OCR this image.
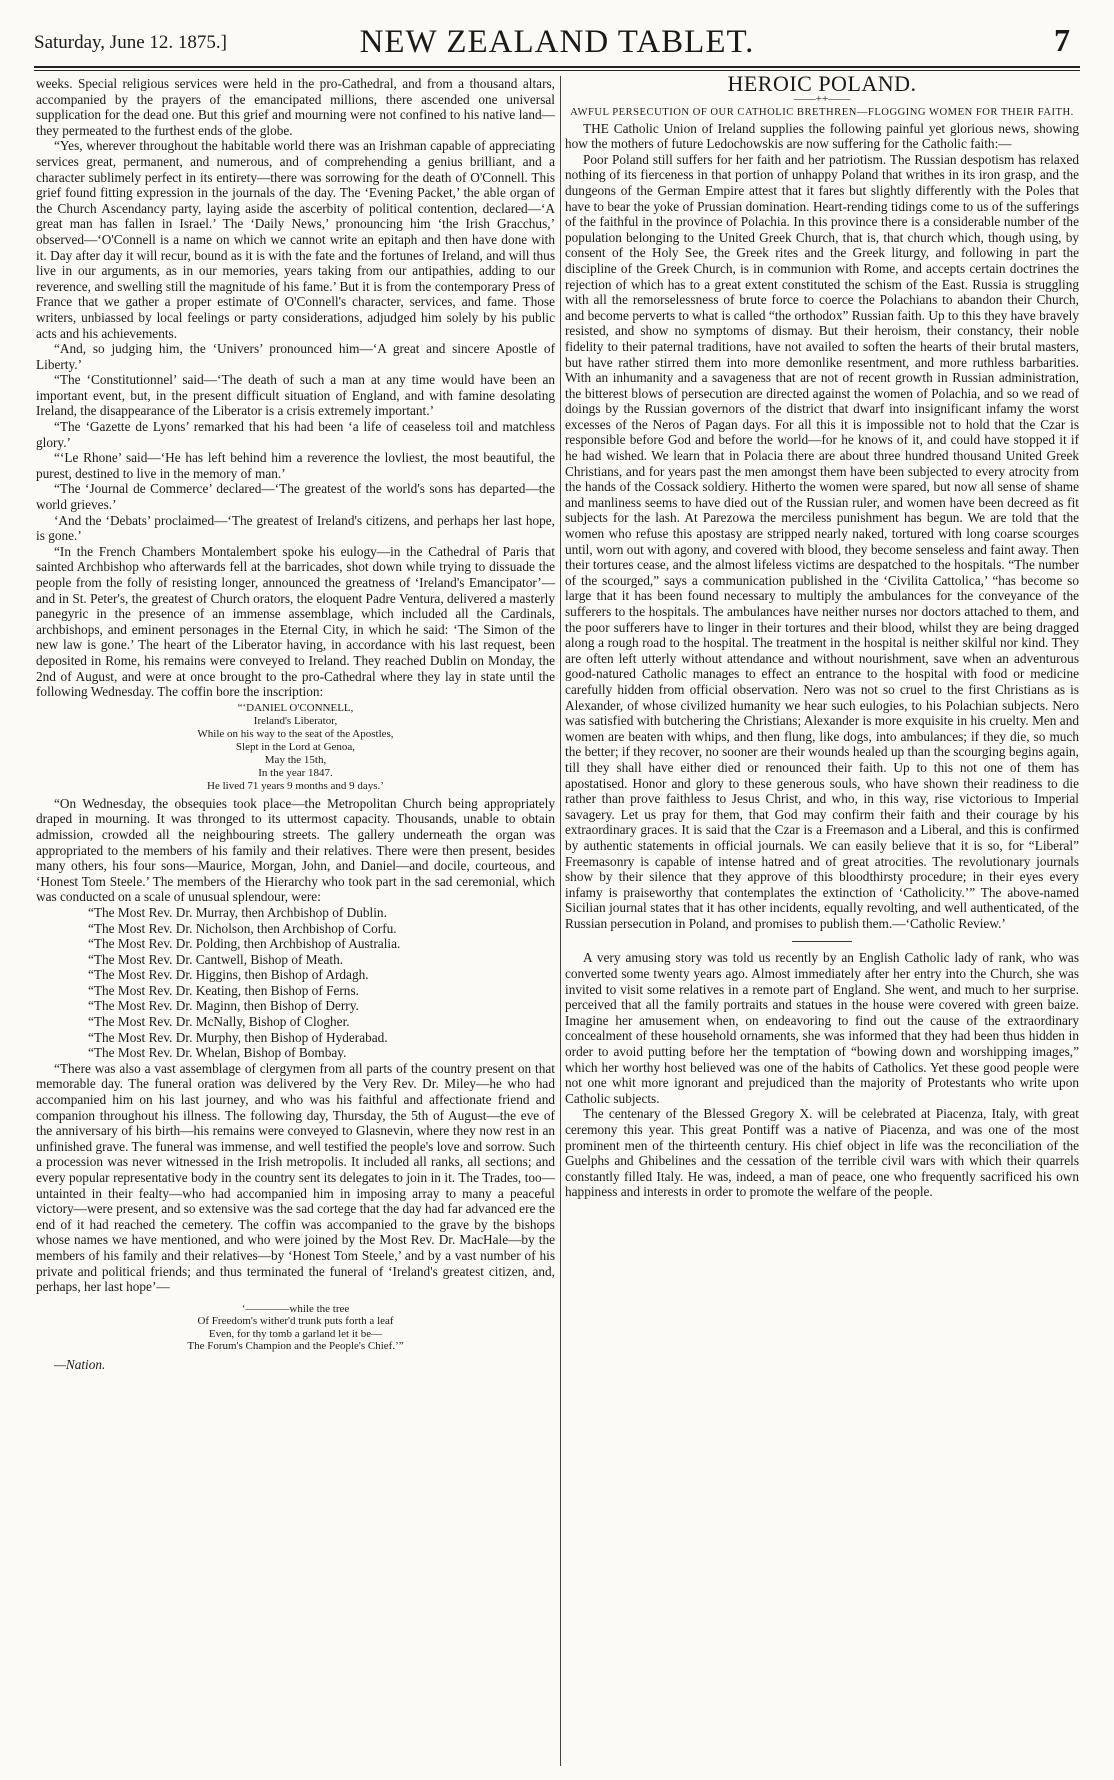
Saturday, June 12. 1875.]	NEW ZEALAND TABLET.	7

weeks. Special religious services were held in the pro-Cathedral, and from a thousand altars, accompanied by the prayers of the emancipated millions, there ascended one universal supplication for the dead one. But this grief and mourning were not confined to his native land—they permeated to the furthest ends of the globe.

“Yes, wherever throughout the habitable world there was an Irishman capable of appreciating services great, permanent, and numerous, and of comprehending a genius brilliant, and a character sublimely perfect in its entirety—there was sorrowing for the death of O'Connell. This grief found fitting expression in the journals of the day. The ‘Evening Packet,’ the able organ of the Church Ascendancy party, laying aside the ascerbity of political contention, declared—‘A great man has fallen in Israel.’ The ‘Daily News,’ pronouncing him ‘the Irish Gracchus,’ observed—‘O'Connell is a name on which we cannot write an epitaph and then have done with it. Day after day it will recur, bound as it is with the fate and the fortunes of Ireland, and will thus live in our arguments, as in our memories, years taking from our antipathies, adding to our reverence, and swelling still the magnitude of his fame.’ But it is from the contemporary Press of France that we gather a proper estimate of O'Connell's character, services, and fame. Those writers, unbiassed by local feelings or party considerations, adjudged him solely by his public acts and his achievements.

“And, so judging him, the ‘Univers’ pronounced him—‘A great and sincere Apostle of Liberty.’

“The ‘Constitutionnel’ said—‘The death of such a man at any time would have been an important event, but, in the present difficult situation of England, and with famine desolating Ireland, the disappearance of the Liberator is a crisis extremely important.’

“The ‘Gazette de Lyons’ remarked that his had been ‘a life of ceaseless toil and matchless glory.’

“‘Le Rhone’ said—‘He has left behind him a reverence the lovliest, the most beautiful, the purest, destined to live in the memory of man.’

“The ‘Journal de Commerce’ declared—‘The greatest of the world's sons has departed—the world grieves.’

‘And the ‘Debats’ proclaimed—‘The greatest of Ireland's citizens, and perhaps her last hope, is gone.’

“In the French Chambers Montalembert spoke his eulogy—in the Cathedral of Paris that sainted Archbishop who afterwards fell at the barricades, shot down while trying to dissuade the people from the folly of resisting longer, announced the greatness of ‘Ireland's Emancipator’—and in St. Peter's, the greatest of Church orators, the eloquent Padre Ventura, delivered a masterly panegyric in the presence of an immense assemblage, which included all the Cardinals, archbishops, and eminent personages in the Eternal City, in which he said: ‘The Simon of the new law is gone.’ The heart of the Liberator having, in accordance with his last request, been deposited in Rome, his remains were conveyed to Ireland. They reached Dublin on Monday, the 2nd of August, and were at once brought to the pro-Cathedral where they lay in state until the following Wednesday. The coffin bore the inscription:

“‘DANIEL O'CONNELL,
Ireland's Liberator,
While on his way to the seat of the Apostles,
Slept in the Lord at Genoa,
May the 15th,
In the year 1847.
He lived 71 years 9 months and 9 days.’

“On Wednesday, the obsequies took place—the Metropolitan Church being appropriately draped in mourning. It was thronged to its uttermost capacity. Thousands, unable to obtain admission, crowded all the neighbouring streets. The gallery underneath the organ was appropriated to the members of his family and their relatives. There were then present, besides many others, his four sons—Maurice, Morgan, John, and Daniel—and docile, courteous, and ‘Honest Tom Steele.’ The members of the Hierarchy who took part in the sad ceremonial, which was conducted on a scale of unusual splendour, were:

“The Most Rev. Dr. Murray, then Archbishop of Dublin.

“The Most Rev. Dr. Nicholson, then Archbishop of Corfu.

“The Most Rev. Dr. Polding, then Archbishop of Australia.

“The Most Rev. Dr. Cantwell, Bishop of Meath.

“The Most Rev. Dr. Higgins, then Bishop of Ardagh.

“The Most Rev. Dr. Keating, then Bishop of Ferns.

“The Most Rev. Dr. Maginn, then Bishop of Derry.

“The Most Rev. Dr. McNally, Bishop of Clogher.

“The Most Rev. Dr. Murphy, then Bishop of Hyderabad.

“The Most Rev. Dr. Whelan, Bishop of Bombay.

“There was also a vast assemblage of clergymen from all parts of the country present on that memorable day. The funeral oration was delivered by the Very Rev. Dr. Miley—he who had accompanied him on his last journey, and who was his faithful and affectionate friend and companion throughout his illness. The following day, Thursday, the 5th of August—the eve of the anniversary of his birth—his remains were conveyed to Glasnevin, where they now rest in an unfinished grave. The funeral was immense, and well testified the people's love and sorrow. Such a procession was never witnessed in the Irish metropolis. It included all ranks, all sections; and every popular representative body in the country sent its delegates to join in it. The Trades, too—untainted in their fealty—who had accompanied him in imposing array to many a peaceful victory—were present, and so extensive was the sad cortege that the day had far advanced ere the end of it had reached the cemetery. The coffin was accompanied to the grave by the bishops whose names we have mentioned, and who were joined by the Most Rev. Dr. MacHale—by the members of his family and their relatives—by ‘Honest Tom Steele,’ and by a vast number of his private and political friends; and thus terminated the funeral of ‘Ireland's greatest citizen, and, perhaps, her last hope’—

‘————while the tree
Of Freedom's wither'd trunk puts forth a leaf
Even, for thy tomb a garland let it be—
The Forum's Champion and the People's Chief.’”

—Nation.

HEROIC POLAND.
——++——
AWFUL PERSECUTION OF OUR CATHOLIC BRETHREN—FLOGGING WOMEN FOR THEIR FAITH.

THE Catholic Union of Ireland supplies the following painful yet glorious news, showing how the mothers of future Ledochowskis are now suffering for the Catholic faith:—

Poor Poland still suffers for her faith and her patriotism. The Russian despotism has relaxed nothing of its fierceness in that portion of unhappy Poland that writhes in its iron grasp, and the dungeons of the German Empire attest that it fares but slightly differently with the Poles that have to bear the yoke of Prussian domination. Heart-rending tidings come to us of the sufferings of the faithful in the province of Polachia. In this province there is a considerable number of the population belonging to the United Greek Church, that is, that church which, though using, by consent of the Holy See, the Greek rites and the Greek liturgy, and following in part the discipline of the Greek Church, is in communion with Rome, and accepts certain doctrines the rejection of which has to a great extent constituted the schism of the East. Russia is struggling with all the remorselessness of brute force to coerce the Polachians to abandon their Church, and become perverts to what is called “the orthodox” Russian faith. Up to this they have bravely resisted, and show no symptoms of dismay. But their heroism, their constancy, their noble fidelity to their paternal traditions, have not availed to soften the hearts of their brutal masters, but have rather stirred them into more demonlike resentment, and more ruthless barbarities. With an inhumanity and a savageness that are not of recent growth in Russian administration, the bitterest blows of persecution are directed against the women of Polachia, and so we read of doings by the Russian governors of the district that dwarf into insignificant infamy the worst excesses of the Neros of Pagan days. For all this it is impossible not to hold that the Czar is responsible before God and before the world—for he knows of it, and could have stopped it if he had wished. We learn that in Polacia there are about three hundred thousand United Greek Christians, and for years past the men amongst them have been subjected to every atrocity from the hands of the Cossack soldiery. Hitherto the women were spared, but now all sense of shame and manliness seems to have died out of the Russian ruler, and women have been decreed as fit subjects for the lash. At Parezowa the merciless punishment has begun. We are told that the women who refuse this apostasy are stripped nearly naked, tortured with long coarse scourges until, worn out with agony, and covered with blood, they become senseless and faint away. Then their tortures cease, and the almost lifeless victims are despatched to the hospitals. “The number of the scourged,” says a communication published in the ‘Civilita Cattolica,’ “has become so large that it has been found necessary to multiply the ambulances for the conveyance of the sufferers to the hospitals. The ambulances have neither nurses nor doctors attached to them, and the poor sufferers have to linger in their tortures and their blood, whilst they are being dragged along a rough road to the hospital. The treatment in the hospital is neither skilful nor kind. They are often left utterly without attendance and without nourishment, save when an adventurous good-natured Catholic manages to effect an entrance to the hospital with food or medicine carefully hidden from official observation. Nero was not so cruel to the first Christians as is Alexander, of whose civilized humanity we hear such eulogies, to his Polachian subjects. Nero was satisfied with butchering the Christians; Alexander is more exquisite in his cruelty. Men and women are beaten with whips, and then flung, like dogs, into ambulances; if they die, so much the better; if they recover, no sooner are their wounds healed up than the scourging begins again, till they shall have either died or renounced their faith. Up to this not one of them has apostatised. Honor and glory to these generous souls, who have shown their readiness to die rather than prove faithless to Jesus Christ, and who, in this way, rise victorious to Imperial savagery. Let us pray for them, that God may confirm their faith and their courage by his extraordinary graces. It is said that the Czar is a Freemason and a Liberal, and this is confirmed by authentic statements in official journals. We can easily believe that it is so, for “Liberal” Freemasonry is capable of intense hatred and of great atrocities. The revolutionary journals show by their silence that they approve of this bloodthirsty procedure; in their eyes every infamy is praiseworthy that contemplates the extinction of ‘Catholicity.’” The above-named Sicilian journal states that it has other incidents, equally revolting, and well authenticated, of the Russian persecution in Poland, and promises to publish them.—‘Catholic Review.’

A very amusing story was told us recently by an English Catholic lady of rank, who was converted some twenty years ago. Almost immediately after her entry into the Church, she was invited to visit some relatives in a remote part of England. She went, and much to her surprise. perceived that all the family portraits and statues in the house were covered with green baize. Imagine her amusement when, on endeavoring to find out the cause of the extraordinary concealment of these household ornaments, she was informed that they had been thus hidden in order to avoid putting before her the temptation of “bowing down and worshipping images,” which her worthy host believed was one of the habits of Catholics. Yet these good people were not one whit more ignorant and prejudiced than the majority of Protestants who write upon Catholic subjects.

The centenary of the Blessed Gregory X. will be celebrated at Piacenza, Italy, with great ceremony this year. This great Pontiff was a native of Piacenza, and was one of the most prominent men of the thirteenth century. His chief object in life was the reconciliation of the Guelphs and Ghibelines and the cessation of the terrible civil wars with which their quarrels constantly filled Italy. He was, indeed, a man of peace, one who frequently sacrificed his own happiness and interests in order to promote the welfare of the people.
